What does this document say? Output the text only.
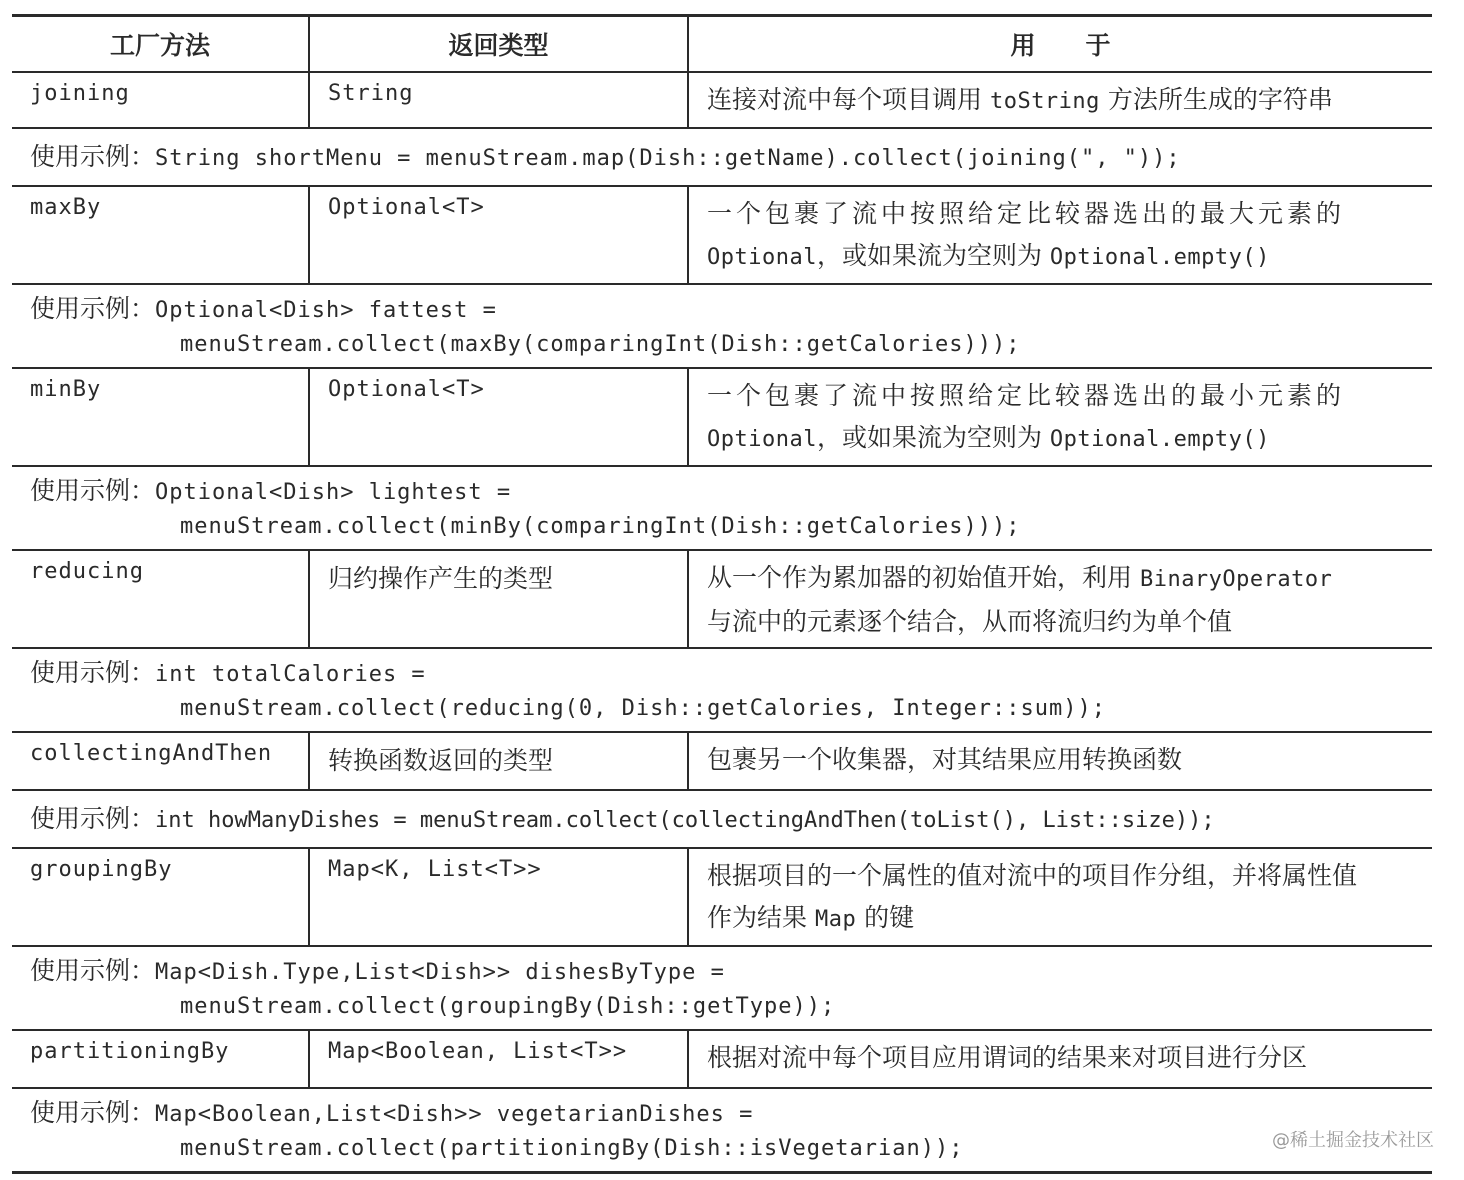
工厂方法	返回类型	用　　于
joining	String	连接对流中每个项目调用 toString 方法所生成的字符串

使用示例：String shortMenu = menuStream.map(Dish::getName).collect(joining(", "));		

maxBy	Optional<T>	一个包裹了流中按照给定比较器选出的最大元素的
Optional，或如果流为空则为 Optional.empty()

使用示例：Optional<Dish> fattest =
menuStream.collect(maxBy(comparingInt(Dish::getCalories)));		

minBy	Optional<T>	一个包裹了流中按照给定比较器选出的最小元素的
Optional，或如果流为空则为 Optional.empty()

使用示例：Optional<Dish> lightest =
menuStream.collect(minBy(comparingInt(Dish::getCalories)));		

reducing	归约操作产生的类型	从一个作为累加器的初始值开始，利用 BinaryOperator
与流中的元素逐个结合，从而将流归约为单个值

使用示例：int totalCalories =
menuStream.collect(reducing(0, Dish::getCalories, Integer::sum));		

collectingAndThen	转换函数返回的类型	包裹另一个收集器，对其结果应用转换函数

使用示例：int howManyDishes = menuStream.collect(collectingAndThen(toList(), List::size));		

groupingBy	Map<K, List<T>>	根据项目的一个属性的值对流中的项目作分组，并将属性值
作为结果 Map 的键

使用示例：Map<Dish.Type,List<Dish>> dishesByType =
menuStream.collect(groupingBy(Dish::getType));		

partitioningBy	Map<Boolean, List<T>>	根据对流中每个项目应用谓词的结果来对项目进行分区

使用示例：Map<Boolean,List<Dish>> vegetarianDishes =
menuStream.collect(partitioningBy(Dish::isVegetarian));			@稀土掘金技术社区
